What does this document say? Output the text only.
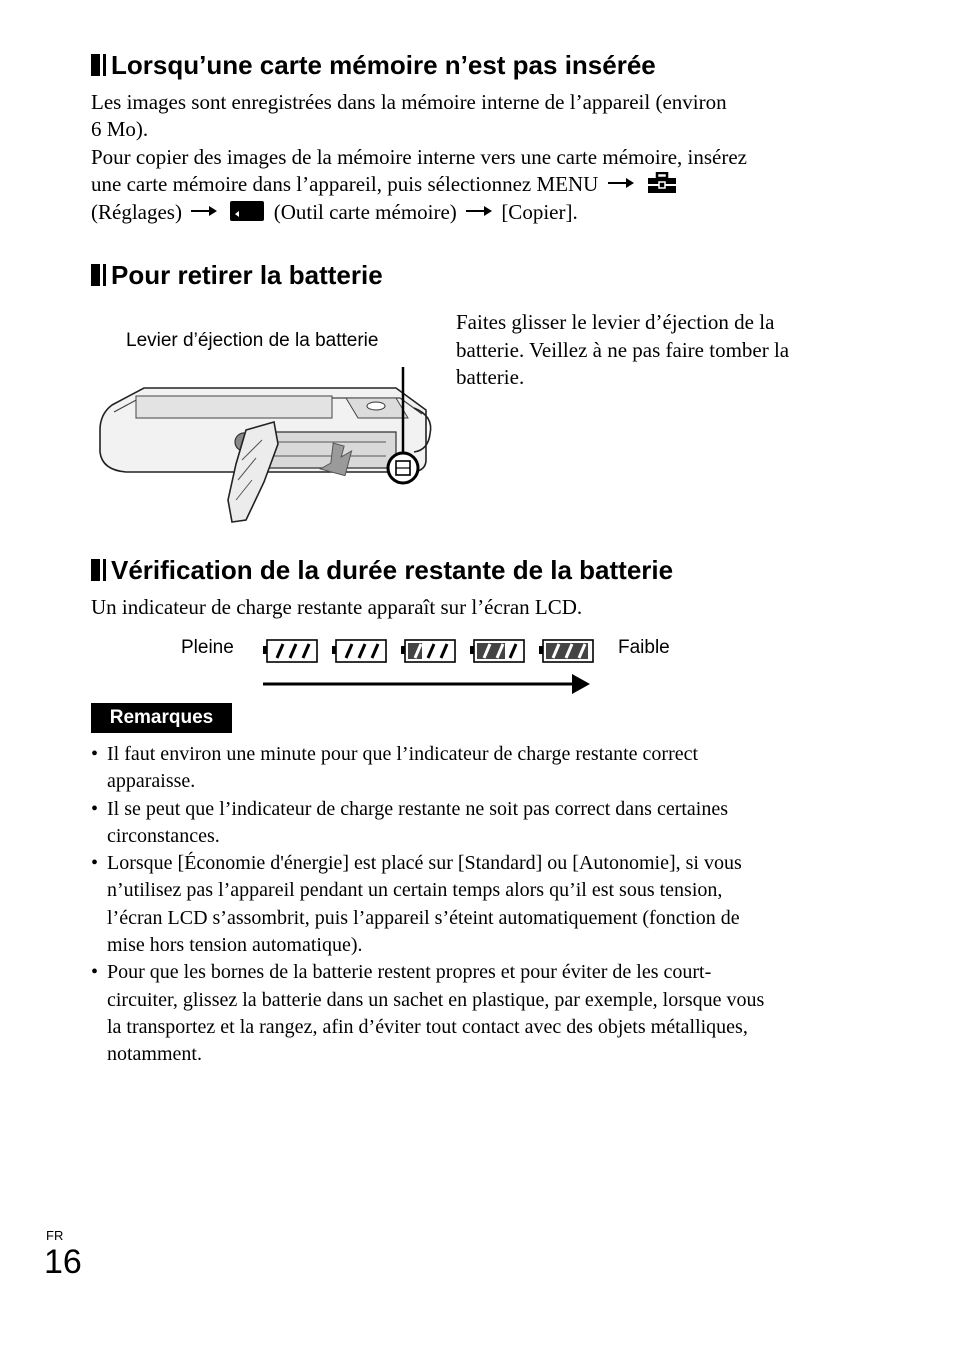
Lorsqu’une carte mémoire n’est pas insérée
Les images sont enregistrées dans la mémoire interne de l’appareil (environ
6 Mo).
Pour copier des images de la mémoire interne vers une carte mémoire, insérez
une carte mémoire dans l’appareil, puis sélectionnez MENU
(Réglages)	(Outil carte mémoire) [Copier].
Pour retirer la batterie
Levier d’éjection de la batterie
Faites glisser le levier d’éjection de la
batterie. Veillez à ne pas faire tomber la
batterie.
Vérification de la durée restante de la batterie
Un indicateur de charge restante apparaît sur l’écran LCD.
Pleine	Faible
Remarques
• Il faut environ une minute pour que l’indicateur de charge restante correct
apparaisse.
• Il se peut que l’indicateur de charge restante ne soit pas correct dans certaines
circonstances.
• Lorsque [Économie d'énergie] est placé sur [Standard] ou [Autonomie], si vous
n’utilisez pas l’appareil pendant un certain temps alors qu’il est sous tension,
l’écran LCD s’assombrit, puis l’appareil s’éteint automatiquement (fonction de
mise hors tension automatique).
• Pour que les bornes de la batterie restent propres et pour éviter de les court-
circuiter, glissez la batterie dans un sachet en plastique, par exemple, lorsque vous
la transportez et la rangez, afin d’éviter tout contact avec des objets métalliques,
notamment.
FR
16
